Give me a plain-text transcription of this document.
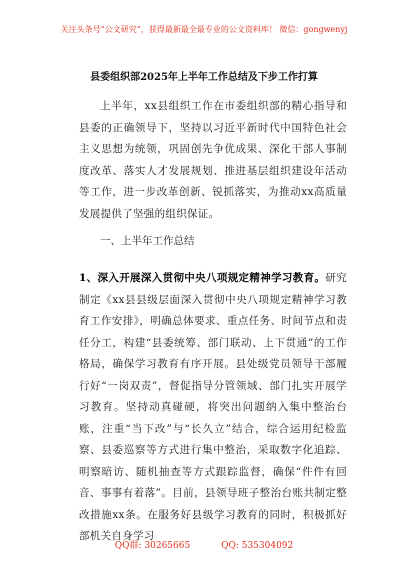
关注头条号“公文研究”，获得最新最全最专业的公文资料库！ 微信：gongwenyj
县委组织部2025年上半年工作总结及下步工作打算

上半年，xx县组织工作在市委组织部的精心指导和县委的正确领导下，坚持以习近平新时代中国特色社会主义思想为统领，巩固创先争优成果、深化干部人事制度改革、落实人才发展规划、推进基层组织建设年活动等工作，进一步改革创新、锐抓落实，为推动xx高质量发展提供了坚强的组织保证。

一、上半年工作总结

1、深入开展深入贯彻中央八项规定精神学习教育。研究制定《xx县县级层面深入贯彻中央八项规定精神学习教育工作安排》，明确总体要求、重点任务、时间节点和责任分工，构建“县委统筹、部门联动、上下贯通”的工作格局，确保学习教育有序开展。县处级党员领导干部履行好“一岗双责”，督促指导分管领域、部门扎实开展学习教育。坚持动真碰硬，将突出问题纳入集中整治台账，注重“当下改”与“长久立”结合，综合运用纪检监察、县委巡察等方式进行集中整治，采取数字化追踪、明察暗访、随机抽查等方式跟踪监督，确保“件件有回音、事事有着落”。目前，县领导班子整治台账共制定整改措施xx条。在服务好县级学习教育的同时，积极抓好部机关自身学习

QQ群: 30265665	QQ: 535304092
